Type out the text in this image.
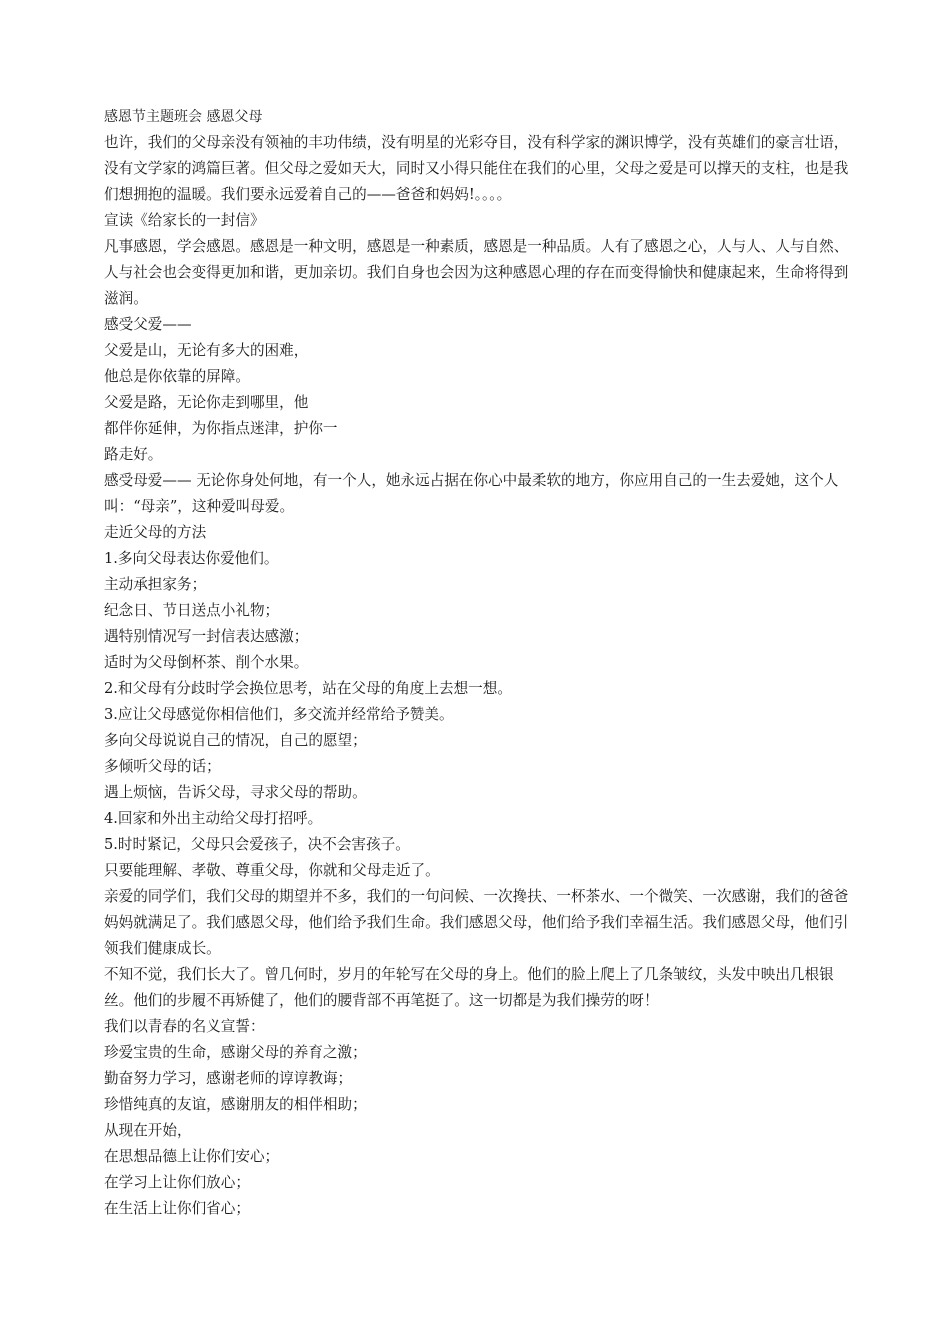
感恩节主题班会 感恩父母

也许，我们的父母亲没有领袖的丰功伟绩，没有明星的光彩夺目，没有科学家的渊识博学，没有英雄们的豪言壮语，没有文学家的鸿篇巨著。但父母之爱如天大，同时又小得只能住在我们的心里，父母之爱是可以撑天的支柱，也是我们想拥抱的温暖。我们要永远爱着自己的——爸爸和妈妈!。。。。

宣读《给家长的一封信》

凡事感恩，学会感恩。感恩是一种文明，感恩是一种素质，感恩是一种品质。人有了感恩之心，人与人、人与自然、人与社会也会变得更加和谐，更加亲切。我们自身也会因为这种感恩心理的存在而变得愉快和健康起来，生命将得到滋润。

感受父爱——

父爱是山，无论有多大的困难，

他总是你依靠的屏障。

父爱是路，无论你走到哪里，他

都伴你延伸，为你指点迷津，护你一

路走好。

感受母爱—— 无论你身处何地，有一个人，她永远占据在你心中最柔软的地方，你应用自己的一生去爱她，这个人叫：“母亲”，这种爱叫母爱。

走近父母的方法

1.多向父母表达你爱他们。

主动承担家务；

纪念日、节日送点小礼物；

遇特别情况写一封信表达感激；

适时为父母倒杯茶、削个水果。

2.和父母有分歧时学会换位思考，站在父母的角度上去想一想。

3.应让父母感觉你相信他们，多交流并经常给予赞美。

多向父母说说自己的情况，自己的愿望；

多倾听父母的话；

遇上烦恼，告诉父母，寻求父母的帮助。

4.回家和外出主动给父母打招呼。

5.时时紧记，父母只会爱孩子，决不会害孩子。

只要能理解、孝敬、尊重父母，你就和父母走近了。

亲爱的同学们，我们父母的期望并不多，我们的一句问候、一次搀扶、一杯茶水、一个微笑、一次感谢，我们的爸爸妈妈就满足了。我们感恩父母，他们给予我们生命。我们感恩父母，他们给予我们幸福生活。我们感恩父母，他们引领我们健康成长。

不知不觉，我们长大了。曾几何时，岁月的年轮写在父母的身上。他们的脸上爬上了几条皱纹，头发中映出几根银丝。他们的步履不再矫健了，他们的腰背部不再笔挺了。这一切都是为我们操劳的呀！

我们以青春的名义宣誓：

珍爱宝贵的生命，感谢父母的养育之激；

勤奋努力学习，感谢老师的谆谆教诲；

珍惜纯真的友谊，感谢朋友的相伴相助；

从现在开始，

在思想品德上让你们安心；

在学习上让你们放心；

在生活上让你们省心；
